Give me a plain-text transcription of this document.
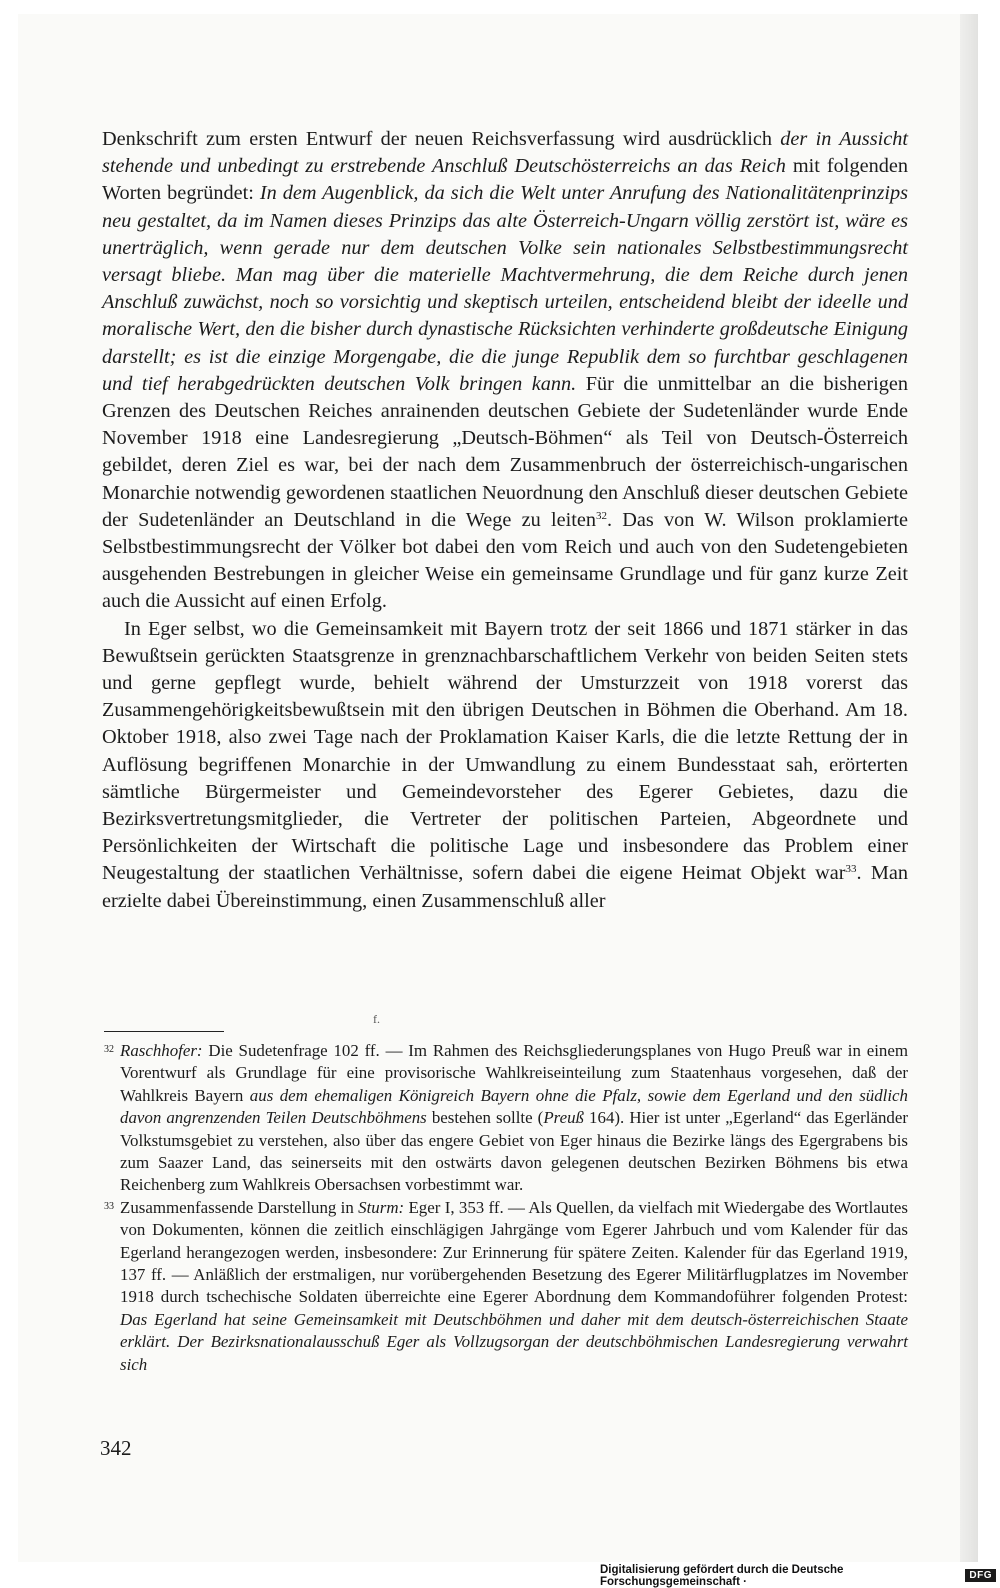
Denkschrift zum ersten Entwurf der neuen Reichsverfassung wird ausdrücklich der in Aussicht stehende und unbedingt zu erstrebende Anschluß Deutschösterreichs an das Reich mit folgenden Worten begründet: In dem Augenblick, da sich die Welt unter Anrufung des Nationalitätenprinzips neu gestaltet, da im Namen dieses Prinzips das alte Österreich-Ungarn völlig zerstört ist, wäre es unerträglich, wenn gerade nur dem deutschen Volke sein nationales Selbstbestimmungsrecht versagt bliebe. Man mag über die materielle Machtvermehrung, die dem Reiche durch jenen Anschluß zuwächst, noch so vorsichtig und skeptisch urteilen, entscheidend bleibt der ideelle und moralische Wert, den die bisher durch dynastische Rücksichten verhinderte großdeutsche Einigung darstellt; es ist die einzige Morgengabe, die die junge Republik dem so furchtbar geschlagenen und tief herabgedrückten deutschen Volk bringen kann. Für die unmittelbar an die bisherigen Grenzen des Deutschen Reiches anrainenden deutschen Gebiete der Sudetenländer wurde Ende November 1918 eine Landesregierung „Deutsch-Böhmen“ als Teil von Deutsch-Österreich gebildet, deren Ziel es war, bei der nach dem Zusammenbruch der österreichisch-ungarischen Monarchie notwendig gewordenen staatlichen Neuordnung den Anschluß dieser deutschen Gebiete der Sudetenländer an Deutschland in die Wege zu leiten$^{32}$. Das von W. Wilson proklamierte Selbstbestimmungsrecht der Völker bot dabei den vom Reich und auch von den Sudetengebieten ausgehenden Bestrebungen in gleicher Weise ein gemeinsame Grundlage und für ganz kurze Zeit auch die Aussicht auf einen Erfolg.

In Eger selbst, wo die Gemeinsamkeit mit Bayern trotz der seit 1866 und 1871 stärker in das Bewußtsein gerückten Staatsgrenze in grenznachbarschaftlichem Verkehr von beiden Seiten stets und gerne gepflegt wurde, behielt während der Umsturzzeit von 1918 vorerst das Zusammengehörigkeitsbewußtsein mit den übrigen Deutschen in Böhmen die Oberhand. Am 18. Oktober 1918, also zwei Tage nach der Proklamation Kaiser Karls, die die letzte Rettung der in Auflösung begriffenen Monarchie in der Umwandlung zu einem Bundesstaat sah, erörterten sämtliche Bürgermeister und Gemeindevorsteher des Egerer Gebietes, dazu die Bezirksvertretungsmitglieder, die Vertreter der politischen Parteien, Abgeordnete und Persönlichkeiten der Wirtschaft die politische Lage und insbesondere das Problem einer Neugestaltung der staatlichen Verhältnisse, sofern dabei die eigene Heimat Objekt war$^{33}$. Man erzielte dabei Übereinstimmung, einen Zusammenschluß aller

f.

32 Raschhofer: Die Sudetenfrage 102 ff. — Im Rahmen des Reichsgliederungsplanes von Hugo Preuß war in einem Vorentwurf als Grundlage für eine provisorische Wahlkreiseinteilung zum Staatenhaus vorgesehen, daß der Wahlkreis Bayern aus dem ehemaligen Königreich Bayern ohne die Pfalz, sowie dem Egerland und den südlich davon angrenzenden Teilen Deutschböhmens bestehen sollte (Preuß 164). Hier ist unter „Egerland“ das Egerländer Volkstumsgebiet zu verstehen, also über das engere Gebiet von Eger hinaus die Bezirke längs des Egergrabens bis zum Saazer Land, das seinerseits mit den ostwärts davon gelegenen deutschen Bezirken Böhmens bis etwa Reichenberg zum Wahlkreis Obersachsen vorbestimmt war.

33 Zusammenfassende Darstellung in Sturm: Eger I, 353 ff. — Als Quellen, da vielfach mit Wiedergabe des Wortlautes von Dokumenten, können die zeitlich einschlägigen Jahrgänge vom Egerer Jahrbuch und vom Kalender für das Egerland herangezogen werden, insbesondere: Zur Erinnerung für spätere Zeiten. Kalender für das Egerland 1919, 137 ff. — Anläßlich der erstmaligen, nur vorübergehenden Besetzung des Egerer Militärflugplatzes im November 1918 durch tschechische Soldaten überreichte eine Egerer Abordnung dem Kommandoführer folgenden Protest: Das Egerland hat seine Gemeinsamkeit mit Deutschböhmen und daher mit dem deutsch-österreichischen Staate erklärt. Der Bezirksnationalausschuß Eger als Vollzugsorgan der deutschböhmischen Landesregierung verwahrt sich

342
Digitalisierung gefördert durch die Deutsche Forschungsgemeinschaft ·	DFG
